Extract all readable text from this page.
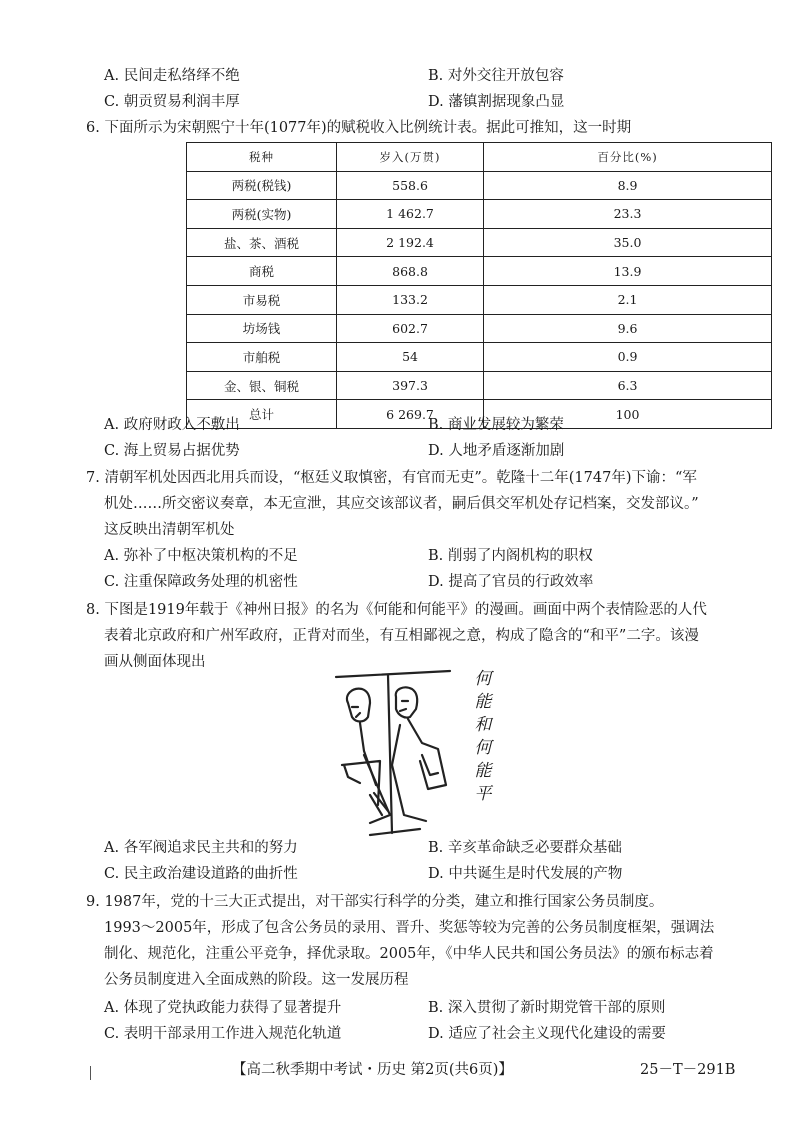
A. 民间走私络绎不绝	B. 对外交往开放包容
C. 朝贡贸易利润丰厚	D. 藩镇割据现象凸显
6. 下面所示为宋朝熙宁十年(1077年)的赋税收入比例统计表。据此可推知，这一时期
税种	岁入(万贯)	百分比(%)
两税(税钱)	558.6	8.9
两税(实物)	1 462.7	23.3
盐、茶、酒税	2 192.4	35.0
商税	868.8	13.9
市易税	133.2	2.1
坊场钱	602.7	9.6
市舶税	54	0.9
金、银、铜税	397.3	6.3
总计	6 269.7	100
A. 政府财政入不敷出	B. 商业发展较为繁荣
C. 海上贸易占据优势	D. 人地矛盾逐渐加剧
7. 清朝军机处因西北用兵而设，“枢廷义取慎密，有官而无吏”。乾隆十二年(1747年)下谕：“军
机处……所交密议奏章，本无宣泄，其应交该部议者，嗣后俱交军机处存记档案，交发部议。”
这反映出清朝军机处
A. 弥补了中枢决策机构的不足	B. 削弱了内阁机构的职权
C. 注重保障政务处理的机密性	D. 提高了官员的行政效率
8. 下图是1919年载于《神州日报》的名为《何能和何能平》的漫画。画面中两个表情险恶的人代
表着北京政府和广州军政府，正背对而坐，有互相鄙视之意，构成了隐含的“和平”二字。该漫
画从侧面体现出
何
能
和
何
能
平
A. 各军阀追求民主共和的努力	B. 辛亥革命缺乏必要群众基础
C. 民主政治建设道路的曲折性	D. 中共诞生是时代发展的产物
9. 1987年，党的十三大正式提出，对干部实行科学的分类，建立和推行国家公务员制度。
1993～2005年，形成了包含公务员的录用、晋升、奖惩等较为完善的公务员制度框架，强调法
制化、规范化，注重公平竞争，择优录取。2005年，《中华人民共和国公务员法》的颁布标志着
公务员制度进入全面成熟的阶段。这一发展历程
A. 体现了党执政能力获得了显著提升	B. 深入贯彻了新时期党管干部的原则
C. 表明干部录用工作进入规范化轨道	D. 适应了社会主义现代化建设的需要
【高二秋季期中考试・历史 第2页(共6页)】	25－T－291B
